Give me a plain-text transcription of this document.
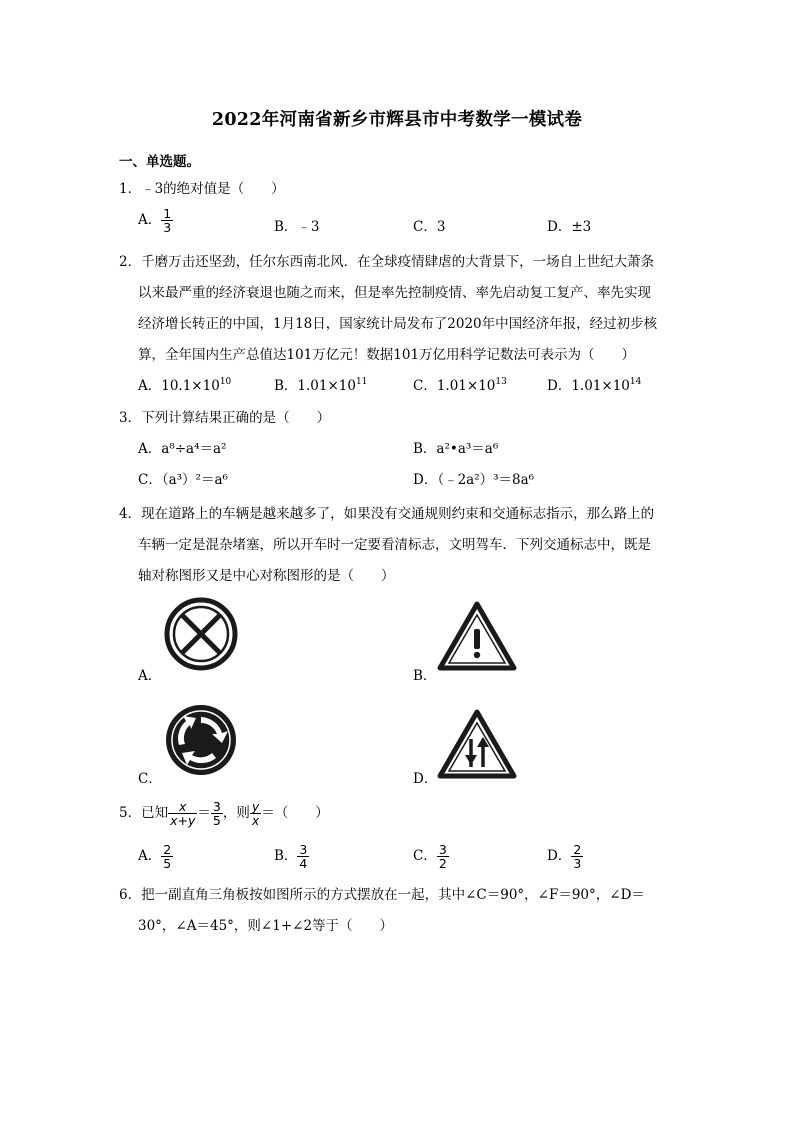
2022年河南省新乡市辉县市中考数学一模试卷
一、单选题。
1．﹣3的绝对值是（　　）
A． $\frac{1}{3}$	B．﹣3	C．3	D．±3
2．千磨万击还坚劲，任尔东西南北风．在全球疫情肆虐的大背景下，一场自上世纪大萧条
以来最严重的经济衰退也随之而来，但是率先控制疫情、率先启动复工复产、率先实现
经济增长转正的中国，1月18日，国家统计局发布了2020年中国经济年报，经过初步核
算，全年国内生产总值达101万亿元！数据101万亿用科学记数法可表示为（　　）
A．$10.1\times 10^{10}$	B．$1.01\times 10^{11}$	C．$1.01\times 10^{13}$	D．$1.01\times 10^{14}$
3．下列计算结果正确的是（　　）
A．a⁸÷a⁴＝a²	B．a²•a³＝a⁶
C．（a³）²＝a⁶	D．（﹣2a²）³＝8a⁶
4．现在道路上的车辆是越来越多了，如果没有交通规则约束和交通标志指示，那么路上的
车辆一定是混杂堵塞，所以开车时一定要看清标志，文明驾车．下列交通标志中，既是
轴对称图形又是中心对称图形的是（　　）
A．	B．
C．	D．
5．已知 $\frac{x}{x+y} = \frac{3}{5}$ ，则 $\frac{y}{x}$ ＝（　　）
A． $\frac{2}{5}$	B． $\frac{3}{4}$	C． $\frac{3}{2}$	D． $\frac{2}{3}$
6．把一副直角三角板按如图所示的方式摆放在一起，其中∠C＝90°，∠F＝90°，∠D＝
30°，∠A＝45°，则∠1+∠2等于（　　）
